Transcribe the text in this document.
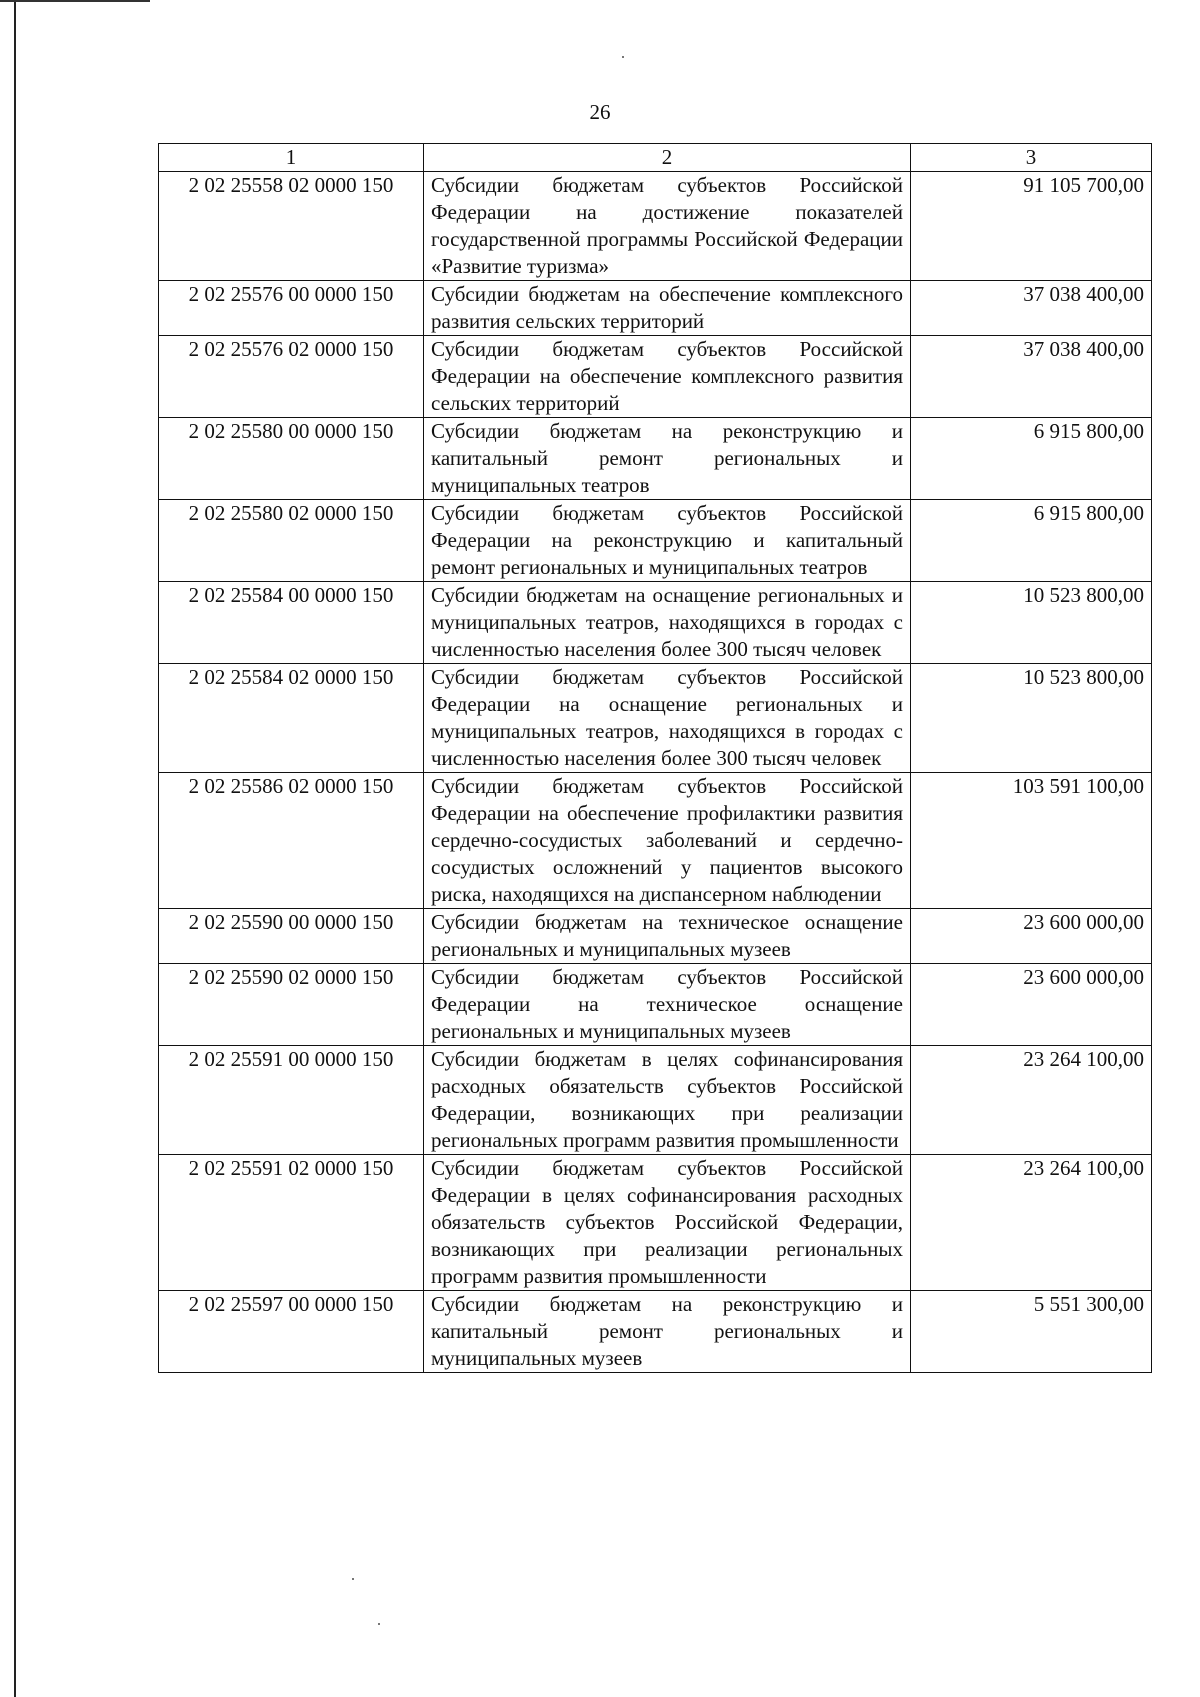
26
1	2	3
2 02 25558 02 0000 150	Субсидии бюджетам субъектов Российской Федерации на достижение показателей государственной программы Российской Федерации «Развитие туризма»	91 105 700,00
2 02 25576 00 0000 150	Субсидии бюджетам на обеспечение комплексного развития сельских территорий	37 038 400,00
2 02 25576 02 0000 150	Субсидии бюджетам субъектов Российской Федерации на обеспечение комплексного развития сельских территорий	37 038 400,00
2 02 25580 00 0000 150	Субсидии бюджетам на реконструкцию и капитальный ремонт региональных и муниципальных театров	6 915 800,00
2 02 25580 02 0000 150	Субсидии бюджетам субъектов Российской Федерации на реконструкцию и капитальный ремонт региональных и муниципальных театров	6 915 800,00
2 02 25584 00 0000 150	Субсидии бюджетам на оснащение региональных и муниципальных театров, находящихся в городах с численностью населения более 300 тысяч человек	10 523 800,00
2 02 25584 02 0000 150	Субсидии бюджетам субъектов Российской Федерации на оснащение региональных и муниципальных театров, находящихся в городах с численностью населения более 300 тысяч человек	10 523 800,00
2 02 25586 02 0000 150	Субсидии бюджетам субъектов Российской Федерации на обеспечение профилактики развития сердечно-сосудистых заболеваний и сердечно-сосудистых осложнений у пациентов высокого риска, находящихся на диспансерном наблюдении	103 591 100,00
2 02 25590 00 0000 150	Субсидии бюджетам на техническое оснащение региональных и муниципальных музеев	23 600 000,00
2 02 25590 02 0000 150	Субсидии бюджетам субъектов Российской Федерации на техническое оснащение региональных и муниципальных музеев	23 600 000,00
2 02 25591 00 0000 150	Субсидии бюджетам в целях софинансирования расходных обязательств субъектов Российской Федерации, возникающих при реализации региональных программ развития промышленности	23 264 100,00
2 02 25591 02 0000 150	Субсидии бюджетам субъектов Российской Федерации в целях софинансирования расходных обязательств субъектов Российской Федерации, возникающих при реализации региональных программ развития промышленности	23 264 100,00
2 02 25597 00 0000 150	Субсидии бюджетам на реконструкцию и капитальный ремонт региональных и муниципальных музеев	5 551 300,00
